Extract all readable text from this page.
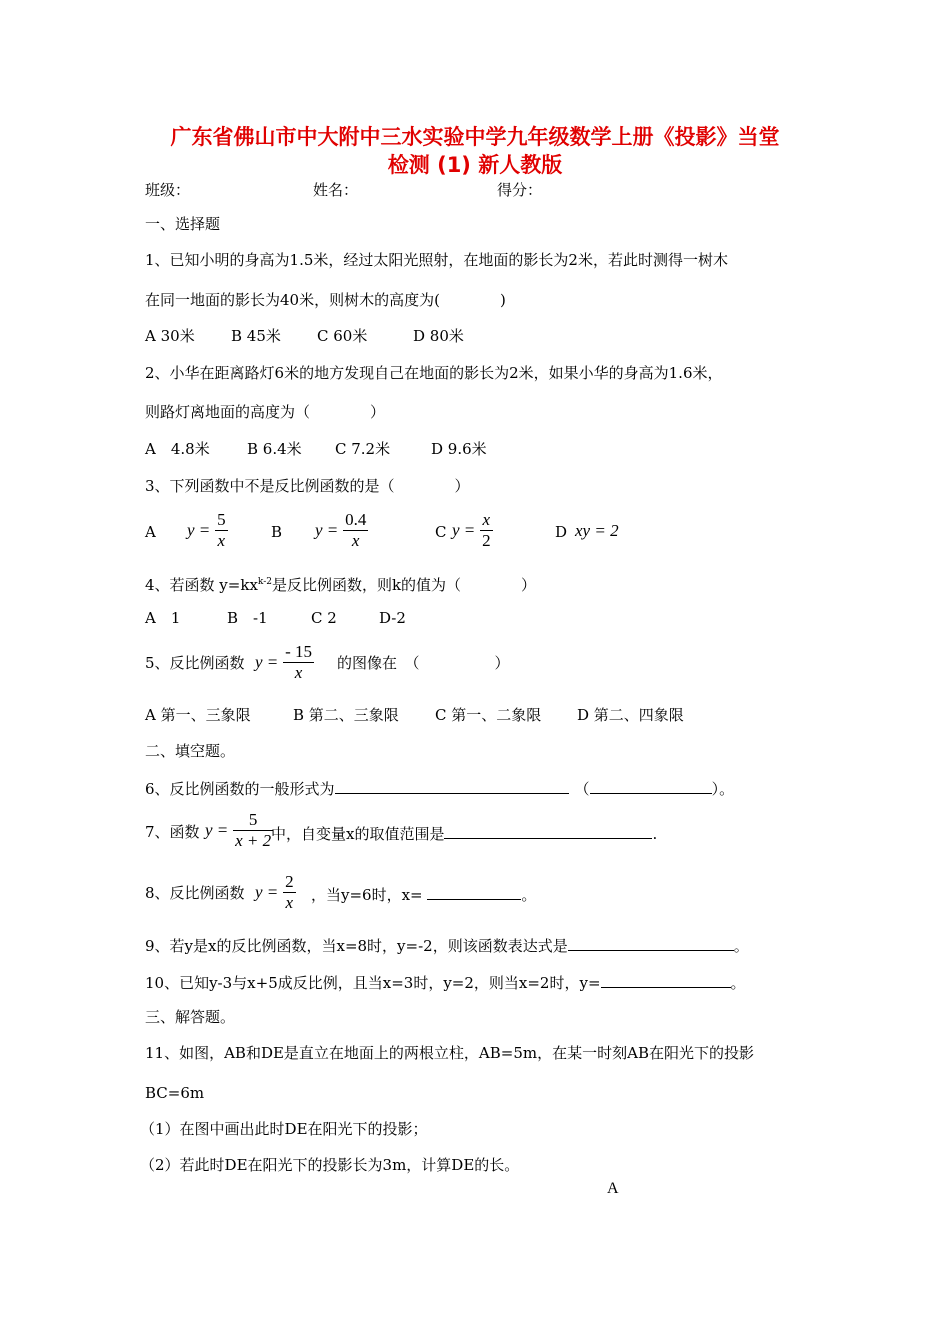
广东省佛山市中大附中三水实验中学九年级数学上册《投影》当堂
检测 (1) 新人教版
班级：	姓名：	得分：
一、选择题
1、已知小明的身高为1.5米，经过太阳光照射，在地面的影长为2米，若此时测得一树木
在同一地面的影长为40米，则树木的高度为(　　　　)
A 30米 B 45米 C 60米	D 80米
2、小华在距离路灯6米的地方发现自己在地面的影长为2米，如果小华的身高为1.6米，
则路灯离地面的高度为（　　　　）
A　4.8米 B 6.4米 C 7.2米	D 9.6米
3、下列函数中不是反比例函数的是（　　　　）
A $y = \frac{5}{x}$	B $y = \frac{0.4}{x}$	C $y = \frac{x}{2}$	D xy = 2
4、若函数 $y=kx^{k-2}$是反比例函数，则k的值为（　　　　）
A　1	B　-1	C 2	D-2
5、反比例函数 $y = \frac{- 15}{x}$ 的图像在　（　　　　　）
A 第一、三象限	B 第二、三象限 C 第一、二象限 D 第二、四象限
二、填空题。
6、反比例函数的一般形式为	（	）。
7、函数 $y = \frac{5}{x + 2}$
中，自变量x的取值范围是	.
8、反比例函数 $y = \frac{2}{x}$ ，当y=6时，x=	。
9、若y是x的反比例函数，当x=8时，y=-2，则该函数表达式是	。
10、已知y-3与x+5成反比例，且当x=3时，y=2，则当x=2时，y=	。
三、解答题。
11、如图，AB和DE是直立在地面上的两根立柱，AB=5m，在某一时刻AB在阳光下的投影
BC=6m
（1）在图中画出此时DE在阳光下的投影；
（2）若此时DE在阳光下的投影长为3m，计算DE的长。
A
